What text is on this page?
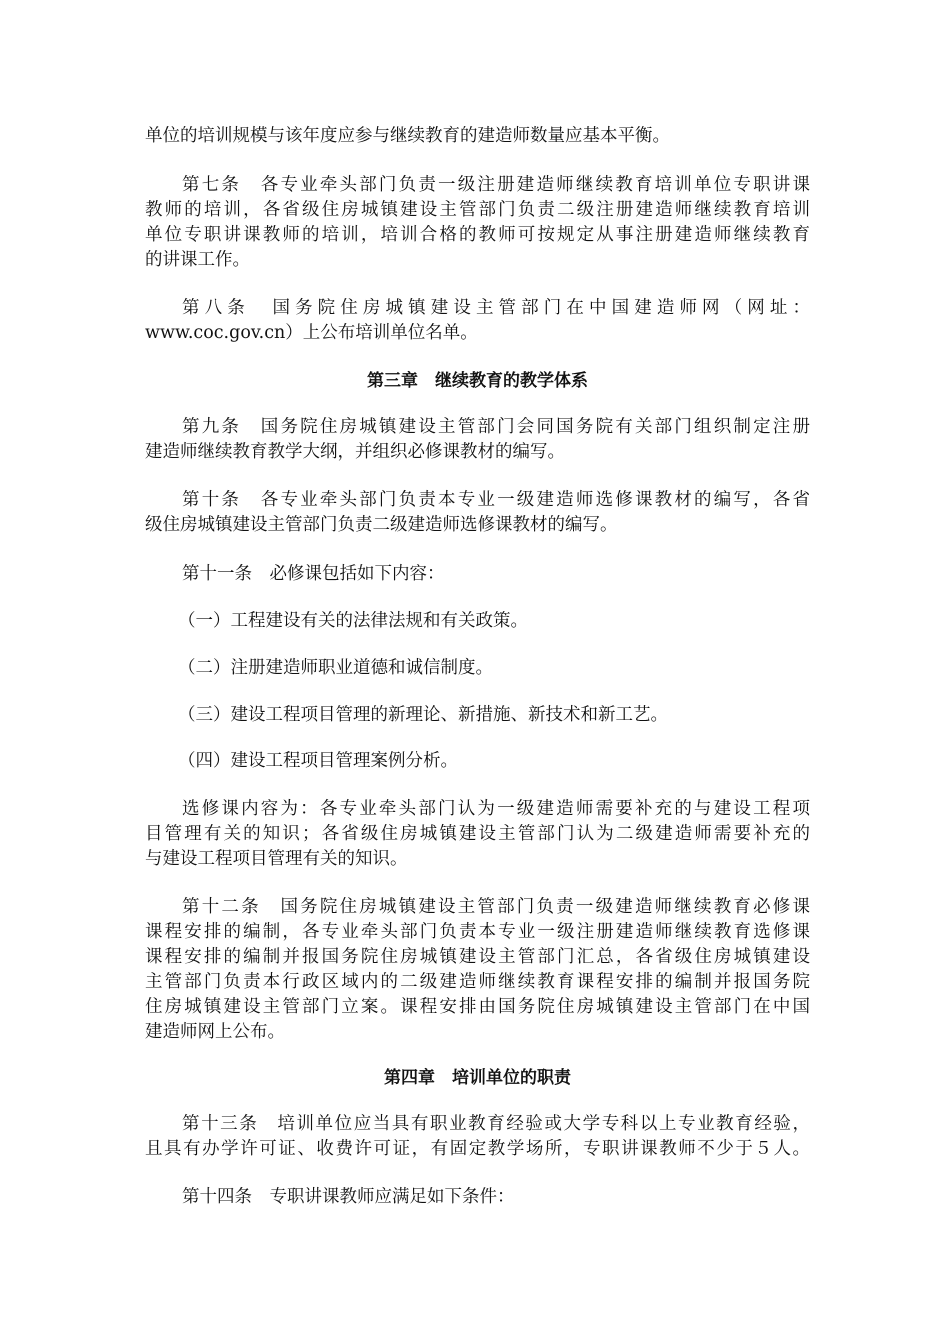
单位的培训规模与该年度应参与继续教育的建造师数量应基本平衡。

第七条　各专业牵头部门负责一级注册建造师继续教育培训单位专职讲课

教师的培训，各省级住房城镇建设主管部门负责二级注册建造师继续教育培训

单位专职讲课教师的培训，培训合格的教师可按规定从事注册建造师继续教育

的讲课工作。

第八条　国务院住房城镇建设主管部门在中国建造师网（网址：

www.coc.gov.cn）上公布培训单位名单。

第三章　继续教育的教学体系

第九条　国务院住房城镇建设主管部门会同国务院有关部门组织制定注册

建造师继续教育教学大纲，并组织必修课教材的编写。

第十条　各专业牵头部门负责本专业一级建造师选修课教材的编写，各省

级住房城镇建设主管部门负责二级建造师选修课教材的编写。

第十一条　必修课包括如下内容：

（一）工程建设有关的法律法规和有关政策。

（二）注册建造师职业道德和诚信制度。

（三）建设工程项目管理的新理论、新措施、新技术和新工艺。

（四）建设工程项目管理案例分析。

选修课内容为：各专业牵头部门认为一级建造师需要补充的与建设工程项

目管理有关的知识；各省级住房城镇建设主管部门认为二级建造师需要补充的

与建设工程项目管理有关的知识。

第十二条　国务院住房城镇建设主管部门负责一级建造师继续教育必修课

课程安排的编制，各专业牵头部门负责本专业一级注册建造师继续教育选修课

课程安排的编制并报国务院住房城镇建设主管部门汇总，各省级住房城镇建设

主管部门负责本行政区域内的二级建造师继续教育课程安排的编制并报国务院

住房城镇建设主管部门立案。课程安排由国务院住房城镇建设主管部门在中国

建造师网上公布。

第四章　培训单位的职责

第十三条　培训单位应当具有职业教育经验或大学专科以上专业教育经验，

且具有办学许可证、收费许可证，有固定教学场所，专职讲课教师不少于５人。

第十四条　专职讲课教师应满足如下条件：
